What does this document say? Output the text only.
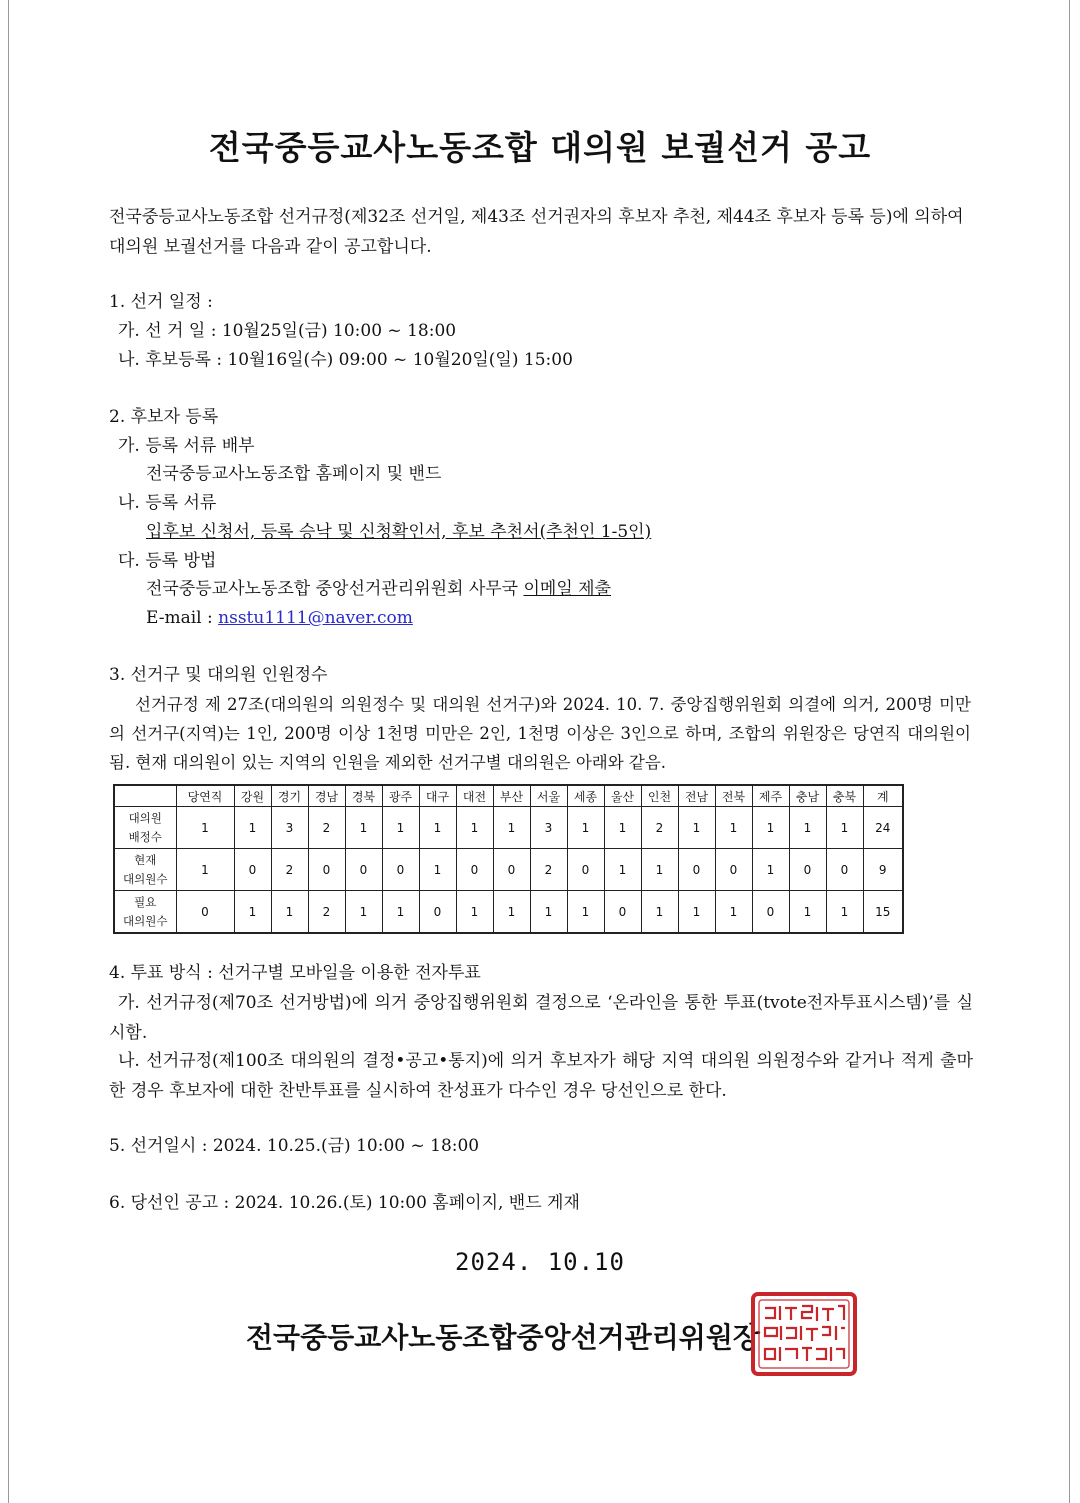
전국중등교사노동조합 대의원 보궐선거 공고
전국중등교사노동조합 선거규정(제32조 선거일, 제43조 선거권자의 후보자 추천, 제44조 후보자 등록 등)에 의하여 대의원 보궐선거를 다음과 같이 공고합니다.
1. 선거 일정 :
가. 선 거 일 : 10월25일(금) 10:00 ~ 18:00
나. 후보등록 : 10월16일(수) 09:00 ~ 10월20일(일) 15:00
2. 후보자 등록
가. 등록 서류 배부
전국중등교사노동조합 홈페이지 및 밴드
나. 등록 서류
입후보 신청서, 등록 승낙 및 신청확인서, 후보 추천서(추천인 1-5인)
다. 등록 방법
전국중등교사노동조합 중앙선거관리위원회 사무국 이메일 제출
E-mail : nsstu1111@naver.com
3. 선거구 및 대의원 인원정수
선거규정 제 27조(대의원의 의원정수 및 대의원 선거구)와 2024. 10. 7. 중앙집행위원회 의결에 의거, 200명 미만의 선거구(지역)는 1인, 200명 이상 1천명 미만은 2인, 1천명 이상은 3인으로 하며, 조합의 위원장은 당연직 대의원이 됨. 현재 대의원이 있는 지역의 인원을 제외한 선거구별 대의원은 아래와 같음.
	당연직	강원	경기	경남	경북	광주	대구	대전	부산	서울	세종	울산	인천	전남	전북	제주	충남	충북	계
대의원
배정수	1	1	3	2	1	1	1	1	1	3	1	1	2	1	1	1	1	1	24
현재
대의원수	1	0	2	0	0	0	1	0	0	2	0	1	1	0	0	1	0	0	9
필요
대의원수	0	1	1	2	1	1	0	1	1	1	1	0	1	1	1	0	1	1	15
4. 투표 방식 : 선거구별 모바일을 이용한 전자투표
가. 선거규정(제70조 선거방법)에 의거 중앙집행위원회 결정으로 ‘온라인을 통한 투표(tvote전자투표시스템)’를 실시함.
나. 선거규정(제100조 대의원의 결정•공고•통지)에 의거 후보자가 해당 지역 대의원 의원정수와 같거나 적게 출마한 경우 후보자에 대한 찬반투표를 실시하여 찬성표가 다수인 경우 당선인으로 한다.
5. 선거일시 : 2024. 10.25.(금) 10:00 ~ 18:00
6. 당선인 공고 : 2024. 10.26.(토) 10:00 홈페이지, 밴드 게재
2024. 10.10
전국중등교사노동조합중앙선거관리위원장
